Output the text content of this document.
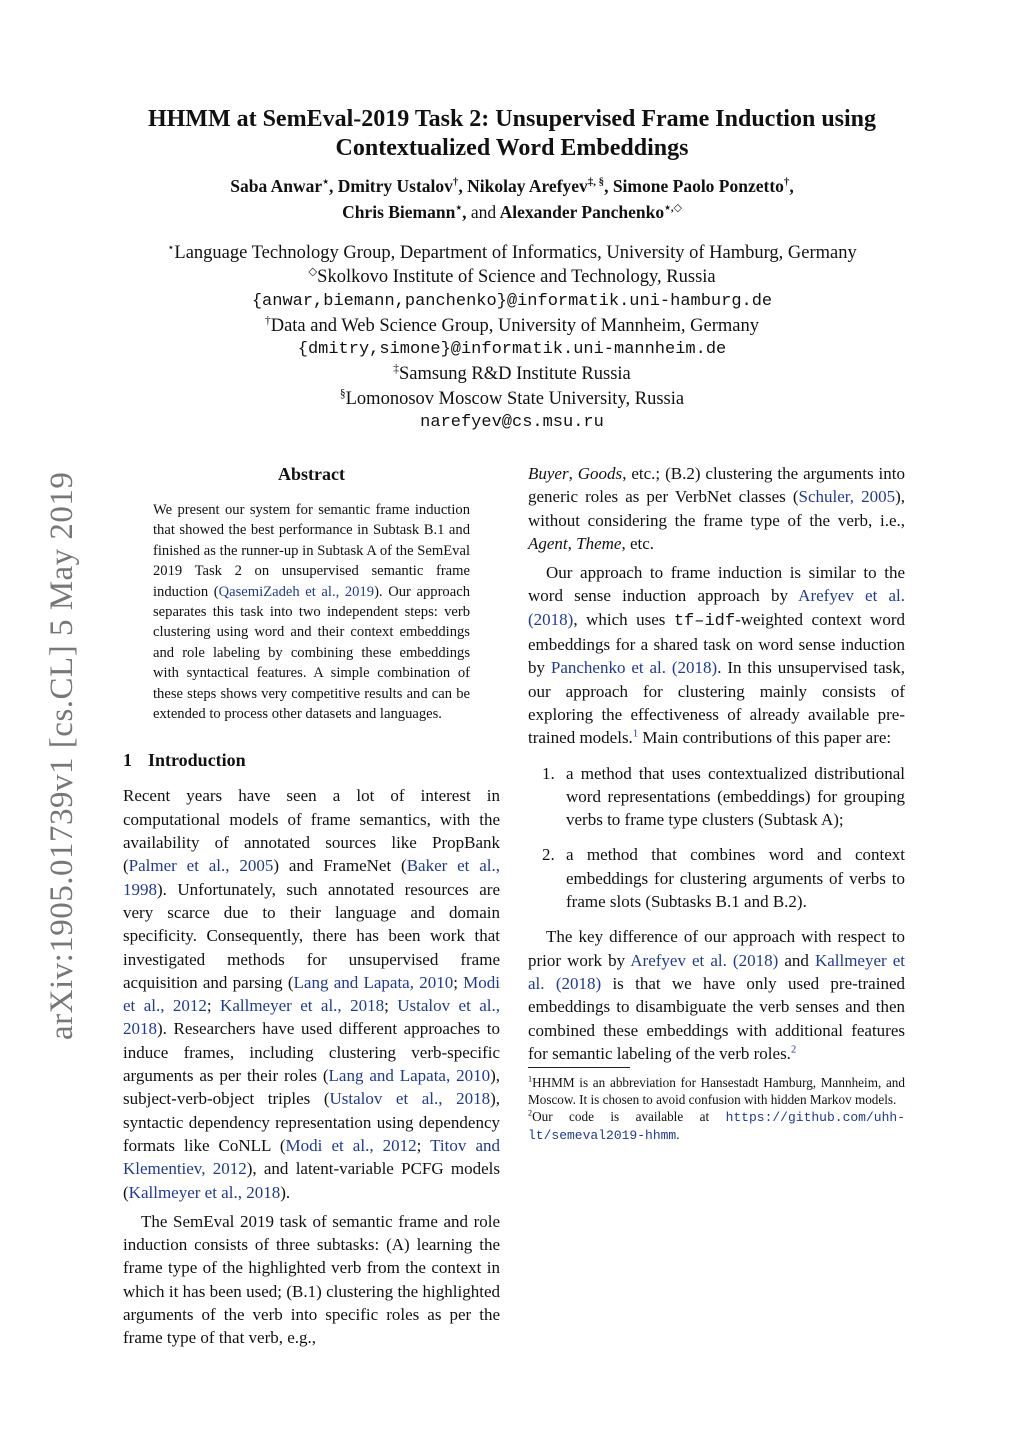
arXiv:1905.01739v1 [cs.CL] 5 May 2019
HHMM at SemEval-2019 Task 2: Unsupervised Frame Induction using
Contextualized Word Embeddings
Saba Anwar⋆, Dmitry Ustalov†, Nikolay Arefyev‡, §, Simone Paolo Ponzetto†,
Chris Biemann⋆, and Alexander Panchenko⋆,◇
⋆Language Technology Group, Department of Informatics, University of Hamburg, Germany
◇Skolkovo Institute of Science and Technology, Russia
{anwar,biemann,panchenko}@informatik.uni-hamburg.de
†Data and Web Science Group, University of Mannheim, Germany
{dmitry,simone}@informatik.uni-mannheim.de
‡Samsung R&D Institute Russia
§Lomonosov Moscow State University, Russia
narefyev@cs.msu.ru
Abstract
We present our system for semantic frame induction that showed the best performance in Subtask B.1 and finished as the runner-up in Subtask A of the SemEval 2019 Task 2 on unsupervised semantic frame induction (QasemiZadeh et al., 2019). Our approach separates this task into two independent steps: verb clustering using word and their context embeddings and role labeling by combining these embeddings with syntactical features. A simple combination of these steps shows very competitive results and can be extended to process other datasets and languages.
1 Introduction

Recent years have seen a lot of interest in computational models of frame semantics, with the availability of annotated sources like PropBank (Palmer et al., 2005) and FrameNet (Baker et al., 1998). Unfortunately, such annotated resources are very scarce due to their language and domain specificity. Consequently, there has been work that investigated methods for unsupervised frame acquisition and parsing (Lang and Lapata, 2010; Modi et al., 2012; Kallmeyer et al., 2018; Ustalov et al., 2018). Researchers have used different approaches to induce frames, including clustering verb-specific arguments as per their roles (Lang and Lapata, 2010), subject-verb-object triples (Ustalov et al., 2018), syntactic dependency representation using dependency formats like CoNLL (Modi et al., 2012; Titov and Klementiev, 2012), and latent-variable PCFG models (Kallmeyer et al., 2018).

The SemEval 2019 task of semantic frame and role induction consists of three subtasks: (A) learning the frame type of the highlighted verb from the context in which it has been used; (B.1) clustering the highlighted arguments of the verb into specific roles as per the frame type of that verb, e.g.,

Buyer, Goods, etc.; (B.2) clustering the arguments into generic roles as per VerbNet classes (Schuler, 2005), without considering the frame type of the verb, i.e., Agent, Theme, etc.

Our approach to frame induction is similar to the word sense induction approach by Arefyev et al. (2018), which uses tf–idf-weighted context word embeddings for a shared task on word sense induction by Panchenko et al. (2018). In this unsupervised task, our approach for clustering mainly consists of exploring the effectiveness of already available pre-trained models.$^1$ Main contributions of this paper are:

1. a method that uses contextualized distributional word representations (embeddings) for grouping verbs to frame type clusters (Subtask A);
2. a method that combines word and context embeddings for clustering arguments of verbs to frame slots (Subtasks B.1 and B.2).

The key difference of our approach with respect to prior work by Arefyev et al. (2018) and Kallmeyer et al. (2018) is that we have only used pre-trained embeddings to disambiguate the verb senses and then combined these embeddings with additional features for semantic labeling of the verb roles.$^2$

$^1$HHMM is an abbreviation for Hansestadt Hamburg, Mannheim, and Moscow. It is chosen to avoid confusion with hidden Markov models.
$^2$Our code is available at https://github.com/uhh-lt/semeval2019-hhmm.
